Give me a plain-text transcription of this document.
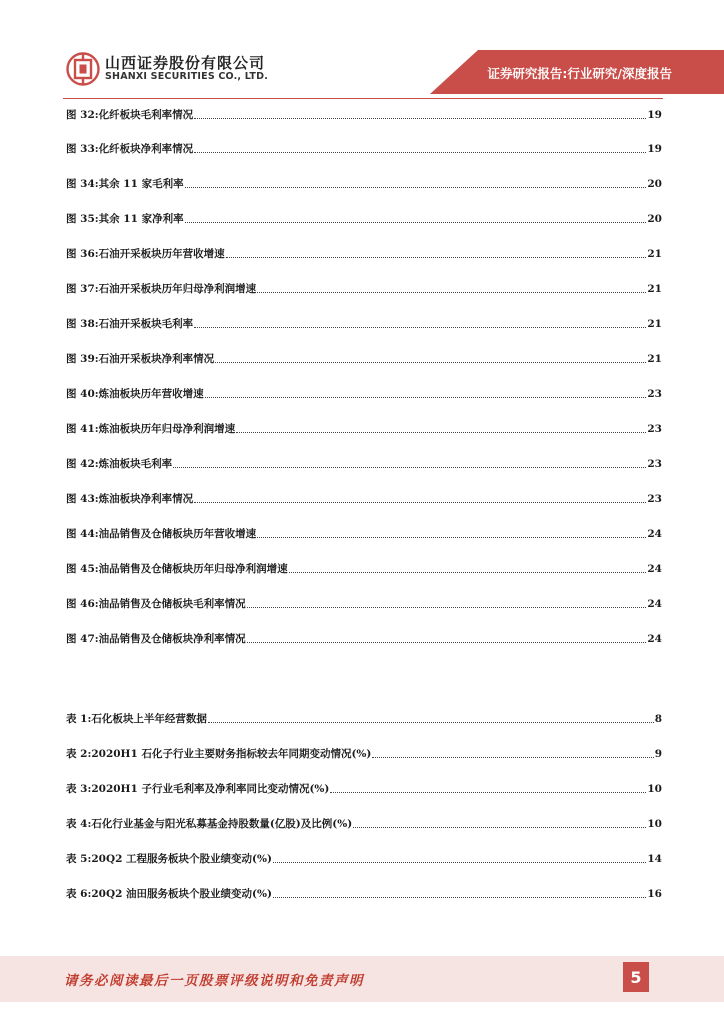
山西证券股份有限公司
SHANXI SECURITIES CO., LTD.	证券研究报告:行业研究/深度报告
图 32:化纤板块毛利率情况	19
图 33:化纤板块净利率情况	19
图 34:其余 11 家毛利率	20
图 35:其余 11 家净利率	20
图 36:石油开采板块历年营收增速	21
图 37:石油开采板块历年归母净利润增速	21
图 38:石油开采板块毛利率	21
图 39:石油开采板块净利率情况	21
图 40:炼油板块历年营收增速	23
图 41:炼油板块历年归母净利润增速	23
图 42:炼油板块毛利率	23
图 43:炼油板块净利率情况	23
图 44:油品销售及仓储板块历年营收增速	24
图 45:油品销售及仓储板块历年归母净利润增速	24
图 46:油品销售及仓储板块毛利率情况	24
图 47:油品销售及仓储板块净利率情况	24
表 1:石化板块上半年经营数据	8
表 2:2020H1 石化子行业主要财务指标较去年同期变动情况(%)	9
表 3:2020H1 子行业毛利率及净利率同比变动情况(%)	10
表 4:石化行业基金与阳光私募基金持股数量(亿股)及比例(%)	10
表 5:20Q2 工程服务板块个股业绩变动(%)	14
表 6:20Q2 油田服务板块个股业绩变动(%)	16
请务必阅读最后一页股票评级说明和免责声明	5
